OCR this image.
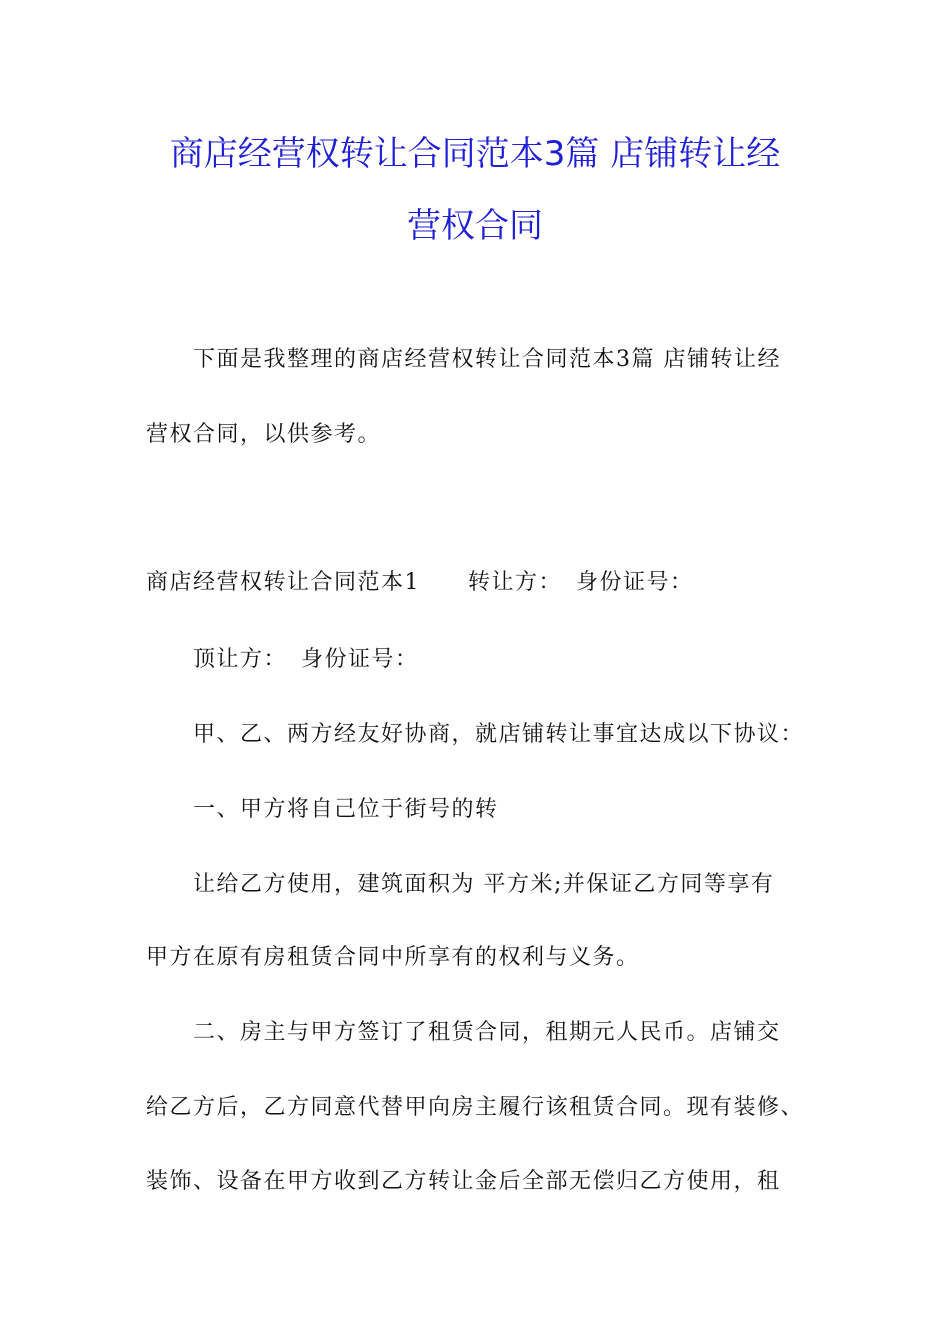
商店经营权转让合同范本3篇 店铺转让经
营权合同
下面是我整理的商店经营权转让合同范本3篇 店铺转让经
营权合同，以供参考。
商店经营权转让合同范本1 转让方： 身份证号：
顶让方： 身份证号：
甲、乙、两方经友好协商，就店铺转让事宜达成以下协议：
一、甲方将自己位于街号的转
让给乙方使用，建筑面积为 平方米;并保证乙方同等享有
甲方在原有房租赁合同中所享有的权利与义务。
二、房主与甲方签订了租赁合同，租期元人民币。店铺交
给乙方后，乙方同意代替甲向房主履行该租赁合同。现有装修、
装饰、设备在甲方收到乙方转让金后全部无偿归乙方使用，租
